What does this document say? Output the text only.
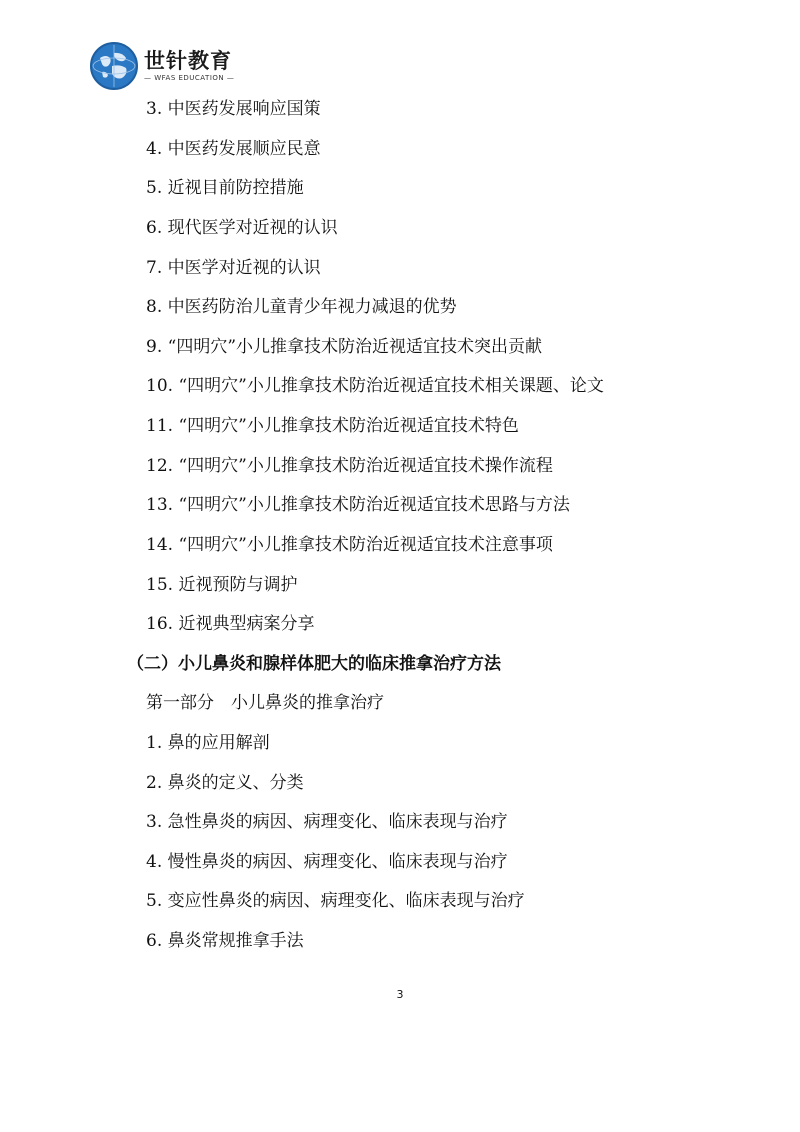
世针教育
— WFAS EDUCATION —
3. 中医药发展响应国策
4. 中医药发展顺应民意
5. 近视目前防控措施
6. 现代医学对近视的认识
7. 中医学对近视的认识
8. 中医药防治儿童青少年视力减退的优势
9. “四明穴”小儿推拿技术防治近视适宜技术突出贡献
10. “四明穴”小儿推拿技术防治近视适宜技术相关课题、论文
11. “四明穴”小儿推拿技术防治近视适宜技术特色
12. “四明穴”小儿推拿技术防治近视适宜技术操作流程
13. “四明穴”小儿推拿技术防治近视适宜技术思路与方法
14. “四明穴”小儿推拿技术防治近视适宜技术注意事项
15. 近视预防与调护
16. 近视典型病案分享
（二）小儿鼻炎和腺样体肥大的临床推拿治疗方法
第一部分　小儿鼻炎的推拿治疗
1. 鼻的应用解剖
2. 鼻炎的定义、分类
3. 急性鼻炎的病因、病理变化、临床表现与治疗
4. 慢性鼻炎的病因、病理变化、临床表现与治疗
5. 变应性鼻炎的病因、病理变化、临床表现与治疗
6. 鼻炎常规推拿手法
3
